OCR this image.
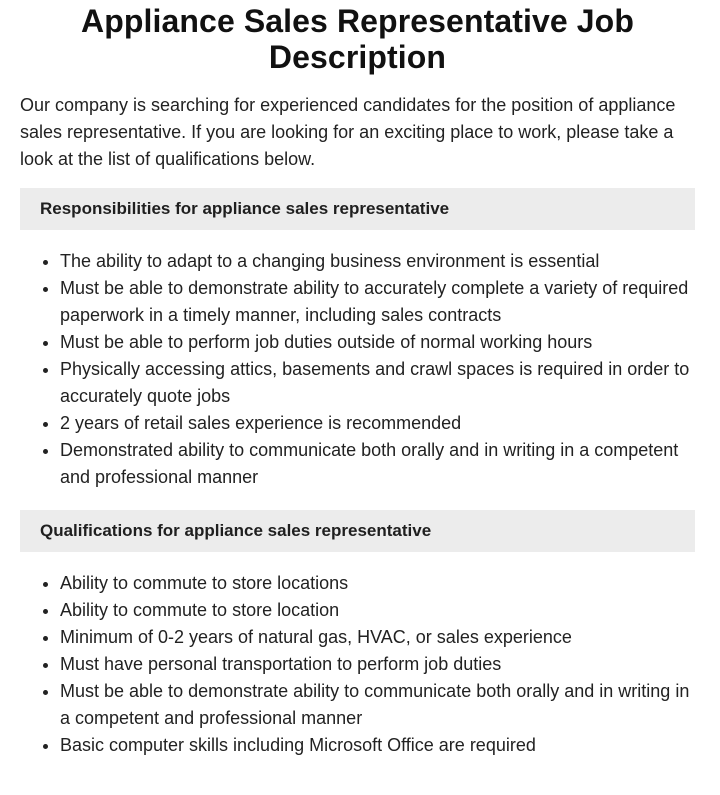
Appliance Sales Representative Job Description

Our company is searching for experienced candidates for the position of appliance sales representative. If you are looking for an exciting place to work, please take a look at the list of qualifications below.

Responsibilities for appliance sales representative
• The ability to adapt to a changing business environment is essential
• Must be able to demonstrate ability to accurately complete a variety of required paperwork in a timely manner, including sales contracts
• Must be able to perform job duties outside of normal working hours
• Physically accessing attics, basements and crawl spaces is required in order to accurately quote jobs
• 2 years of retail sales experience is recommended
• Demonstrated ability to communicate both orally and in writing in a competent and professional manner
Qualifications for appliance sales representative
• Ability to commute to store locations
• Ability to commute to store location
• Minimum of 0-2 years of natural gas, HVAC, or sales experience
• Must have personal transportation to perform job duties
• Must be able to demonstrate ability to communicate both orally and in writing in a competent and professional manner
• Basic computer skills including Microsoft Office are required
